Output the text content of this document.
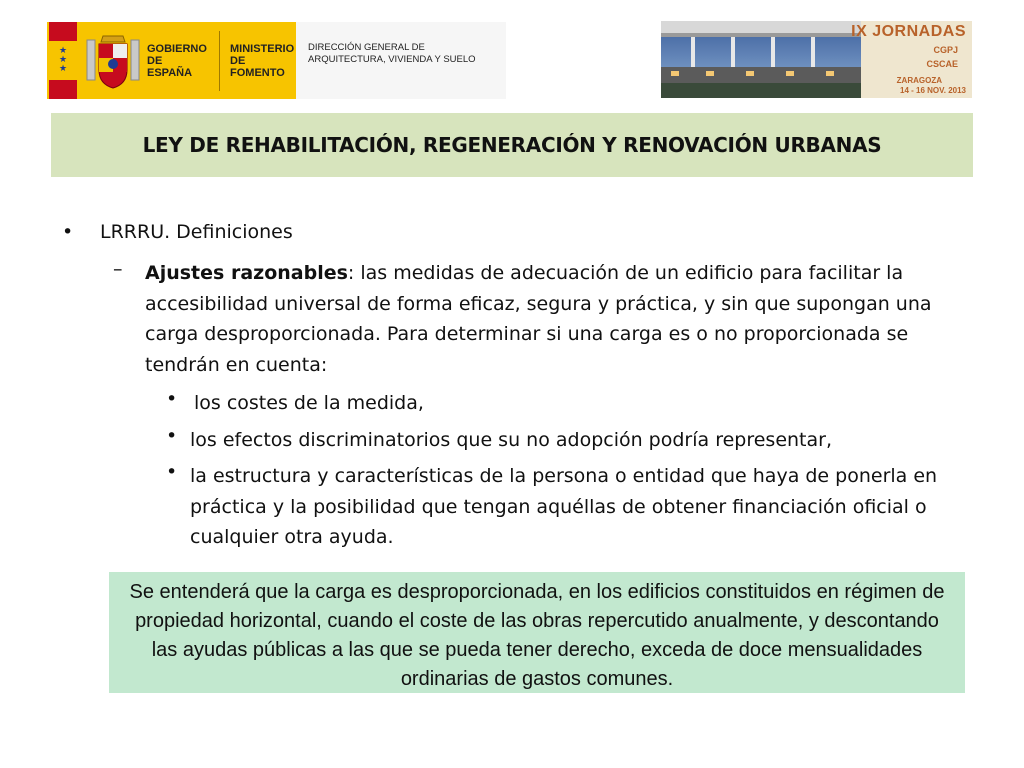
★
★
★
GOBIERNO DE ESPAÑA
MINISTERIO DE FOMENTO
DIRECCIÓN GENERAL DE ARQUITECTURA, VIVIENDA Y SUELO
IX JORNADAS
CGPJ
CSCAE
ZARAGOZA
14 - 16 NOV. 2013
LEY DE REHABILITACIÓN, REGENERACIÓN Y RENOVACIÓN URBANAS
• LRRRU. Definiciones
– Ajustes razonables: las medidas de adecuación de un edificio para facilitar la accesibilidad universal de forma eficaz, segura y práctica, y sin que supongan una carga desproporcionada. Para determinar si una carga es o no proporcionada se tendrán en cuenta:
• los costes de la medida,
• los efectos discriminatorios que su no adopción podría representar,
• la estructura y características de la persona o entidad que haya de ponerla en práctica y la posibilidad que tengan aquéllas de obtener financiación oficial o cualquier otra ayuda.
Se entenderá que la carga es desproporcionada, en los edificios constituidos en régimen de propiedad horizontal, cuando el coste de las obras repercutido anualmente, y descontando las ayudas públicas a las que se pueda tener derecho, exceda de doce mensualidades ordinarias de gastos comunes.
